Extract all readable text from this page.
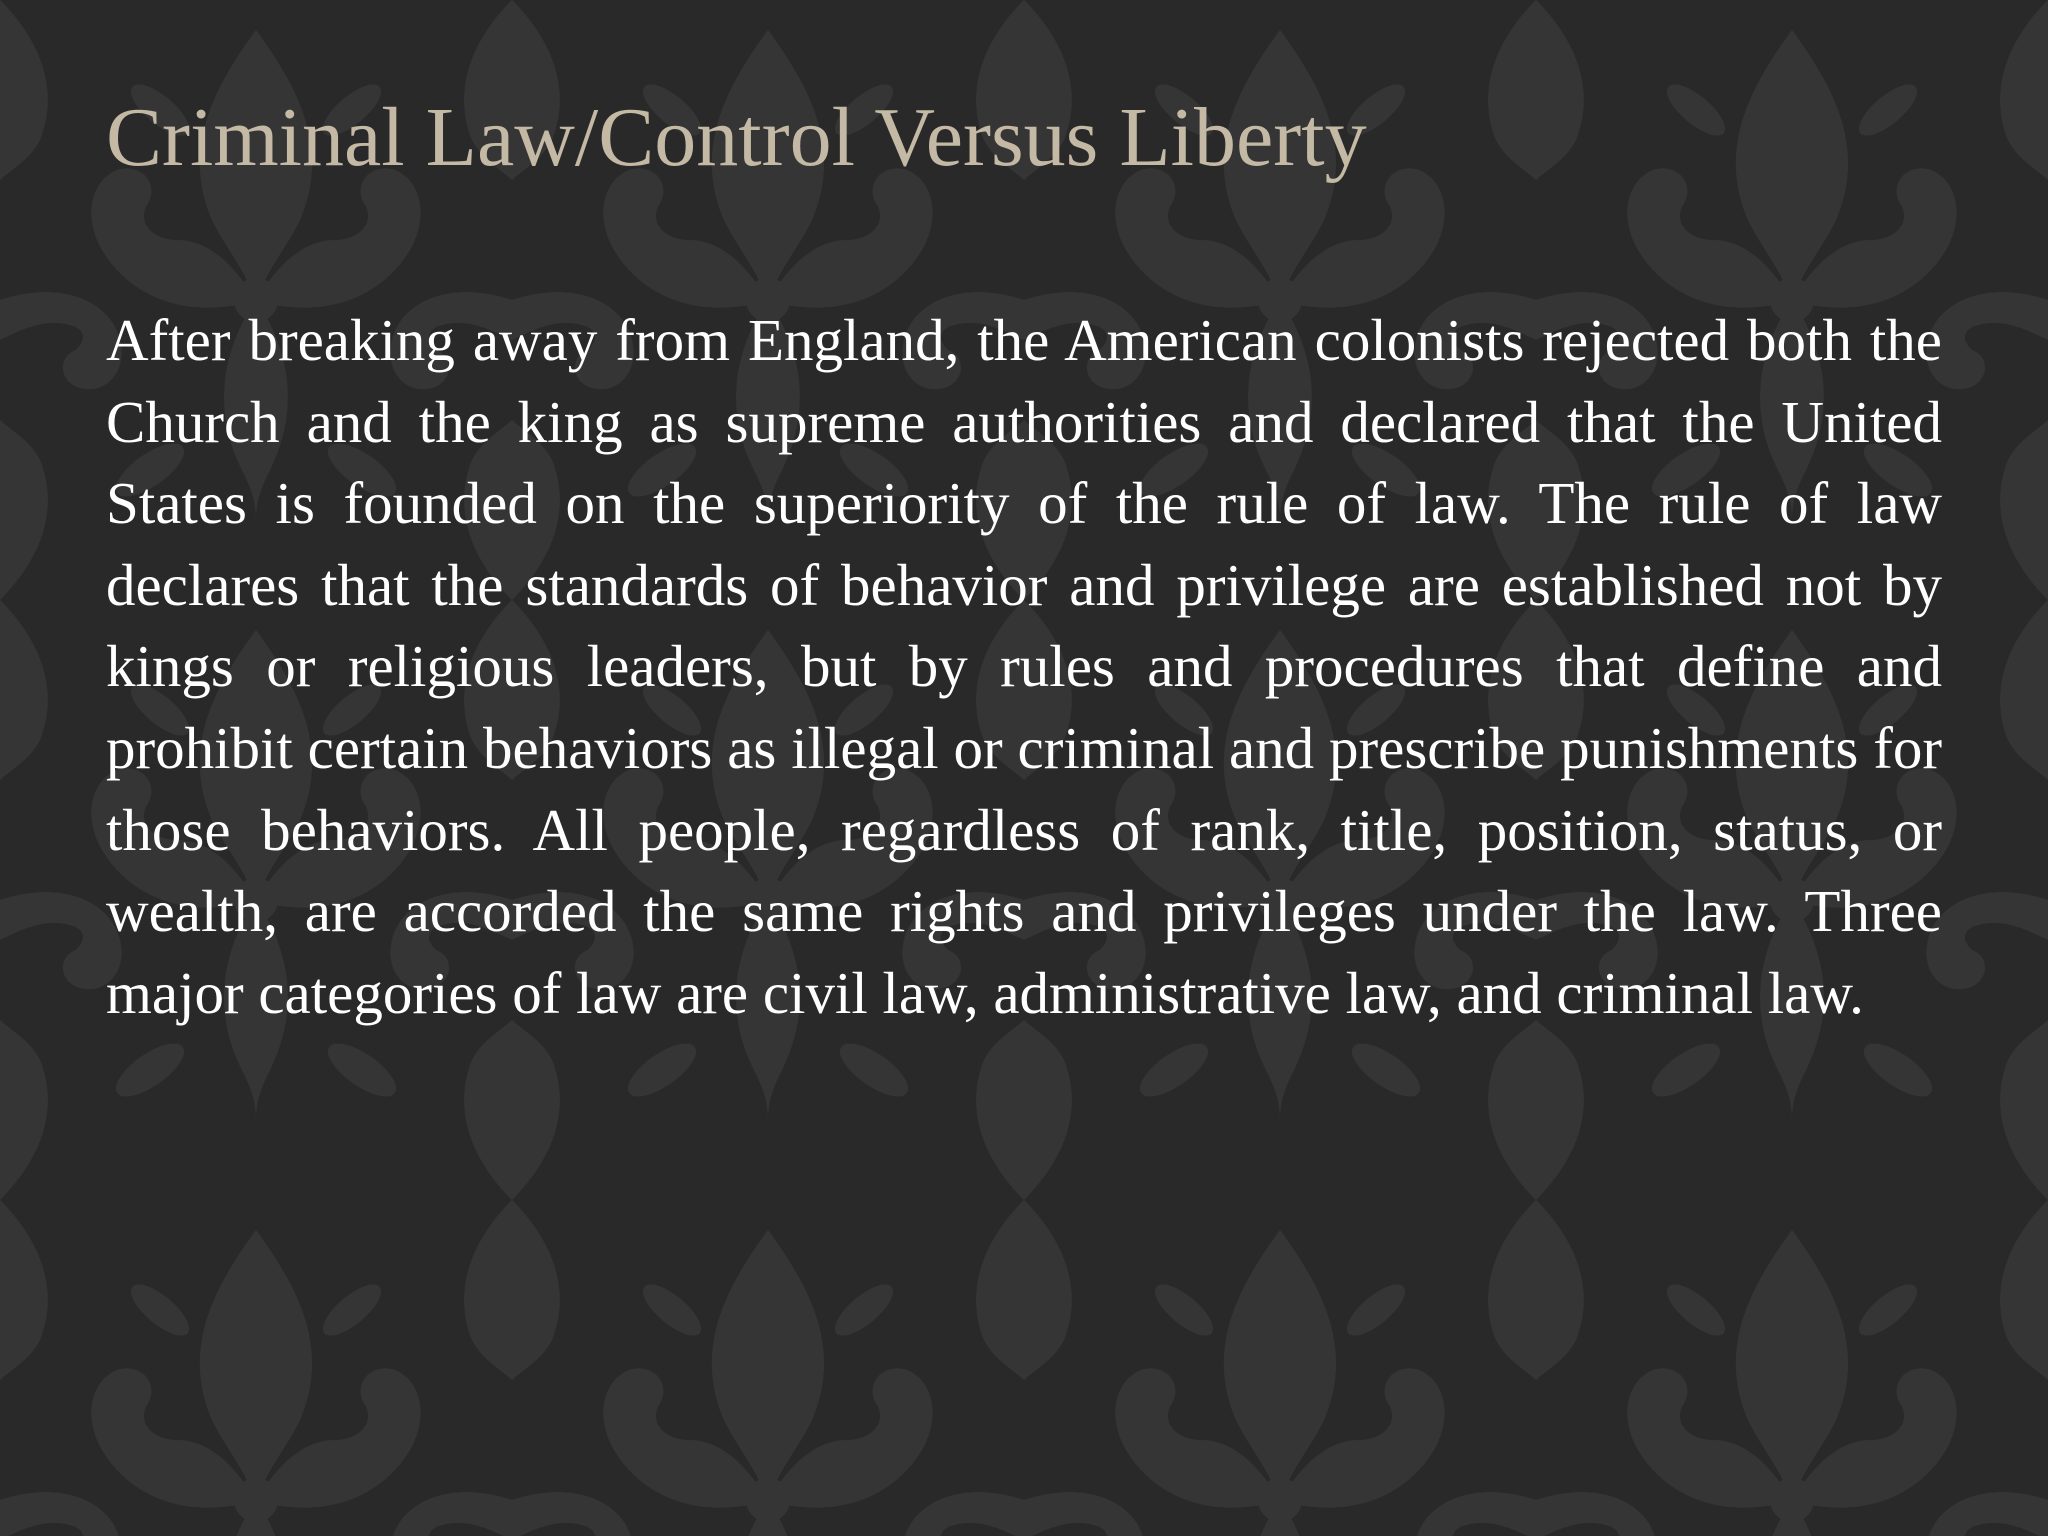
Criminal Law/Control Versus Liberty

After breaking away from England, the American colonists rejected both the Church and the king as supreme authorities and declared that the United States is founded on the superiority of the rule of law. The rule of law declares that the standards of behavior and privilege are established not by kings or religious leaders, but by rules and procedures that define and prohibit certain behaviors as illegal or criminal and prescribe punishments for those behaviors. All people, regardless of rank, title, position, status, or wealth, are accorded the same rights and privileges under the law. Three major categories of law are civil law, administrative law, and criminal law.
